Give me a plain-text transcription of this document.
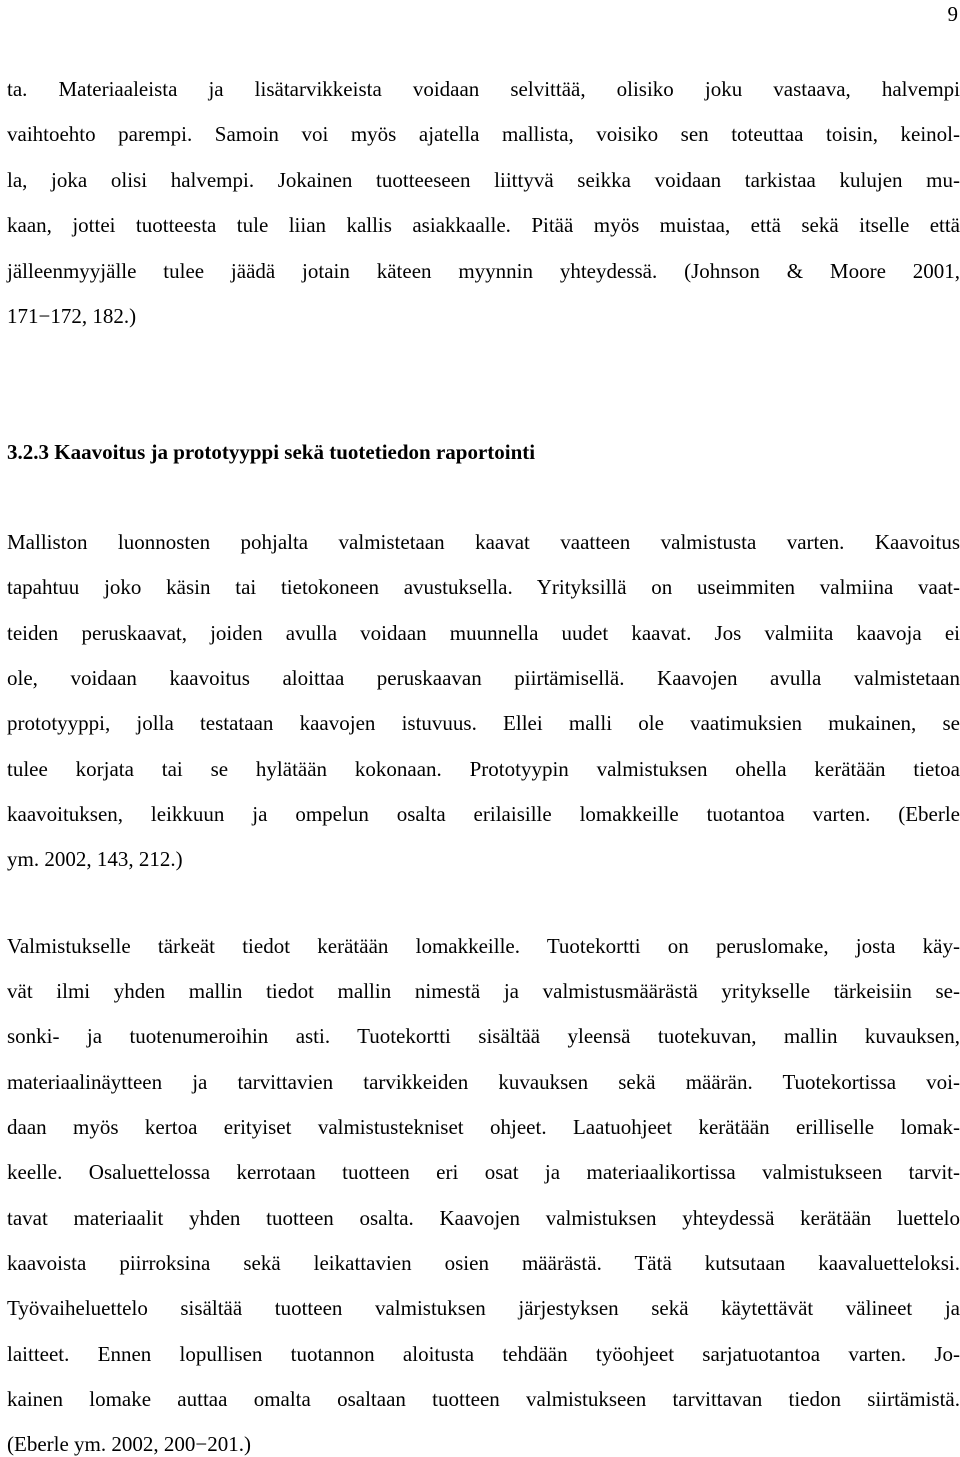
9
ta. Materiaaleista ja lisätarvikkeista voidaan selvittää, olisiko joku vastaava, halvempi
vaihtoehto parempi. Samoin voi myös ajatella mallista, voisiko sen toteuttaa toisin, keinol-
la, joka olisi halvempi. Jokainen tuotteeseen liittyvä seikka voidaan tarkistaa kulujen mu-
kaan, jottei tuotteesta tule liian kallis asiakkaalle. Pitää myös muistaa, että sekä itselle että
jälleenmyyjälle tulee jäädä jotain käteen myynnin yhteydessä. (Johnson & Moore 2001,
171−172, 182.)
3.2.3 Kaavoitus ja prototyyppi sekä tuotetiedon raportointi
Malliston luonnosten pohjalta valmistetaan kaavat vaatteen valmistusta varten. Kaavoitus
tapahtuu joko käsin tai tietokoneen avustuksella. Yrityksillä on useimmiten valmiina vaat-
teiden peruskaavat, joiden avulla voidaan muunnella uudet kaavat. Jos valmiita kaavoja ei
ole, voidaan kaavoitus aloittaa peruskaavan piirtämisellä. Kaavojen avulla valmistetaan
prototyyppi, jolla testataan kaavojen istuvuus. Ellei malli ole vaatimuksien mukainen, se
tulee korjata tai se hylätään kokonaan. Prototyypin valmistuksen ohella kerätään tietoa
kaavoituksen, leikkuun ja ompelun osalta erilaisille lomakkeille tuotantoa varten. (Eberle
ym. 2002, 143, 212.)
Valmistukselle tärkeät tiedot kerätään lomakkeille. Tuotekortti on peruslomake, josta käy-
vät ilmi yhden mallin tiedot mallin nimestä ja valmistusmäärästä yritykselle tärkeisiin se-
sonki- ja tuotenumeroihin asti. Tuotekortti sisältää yleensä tuotekuvan, mallin kuvauksen,
materiaalinäytteen ja tarvittavien tarvikkeiden kuvauksen sekä määrän. Tuotekortissa voi-
daan myös kertoa erityiset valmistustekniset ohjeet. Laatuohjeet kerätään erilliselle lomak-
keelle. Osaluettelossa kerrotaan tuotteen eri osat ja materiaalikortissa valmistukseen tarvit-
tavat materiaalit yhden tuotteen osalta. Kaavojen valmistuksen yhteydessä kerätään luettelo
kaavoista piirroksina sekä leikattavien osien määrästä. Tätä kutsutaan kaavaluetteloksi.
Työvaiheluettelo sisältää tuotteen valmistuksen järjestyksen sekä käytettävät välineet ja
laitteet. Ennen lopullisen tuotannon aloitusta tehdään työohjeet sarjatuotantoa varten. Jo-
kainen lomake auttaa omalta osaltaan tuotteen valmistukseen tarvittavan tiedon siirtämistä.
(Eberle ym. 2002, 200−201.)
